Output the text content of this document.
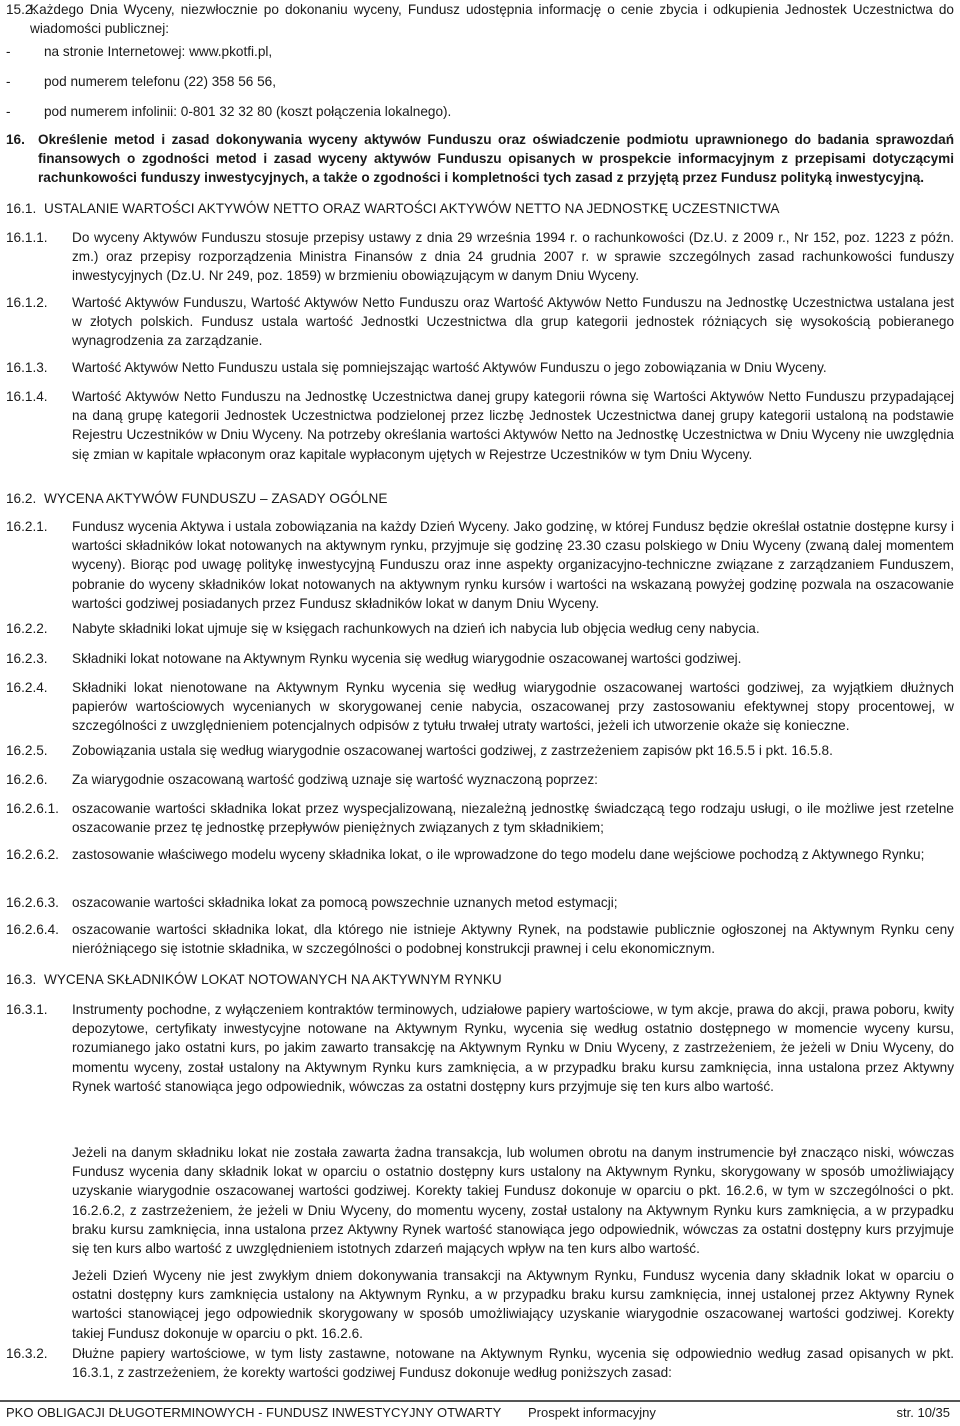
15.2.
Każdego Dnia Wyceny, niezwłocznie po dokonaniu wyceny, Fundusz udostępnia informację o cenie zbycia i odkupienia Jednostek Uczestnictwa do wiadomości publicznej:
- na stronie Internetowej: www.pkotfi.pl,
- pod numerem telefonu (22) 358 56 56,
- pod numerem infolinii: 0-801 32 32 80 (koszt połączenia lokalnego).
16. Określenie metod i zasad dokonywania wyceny aktywów Funduszu oraz oświadczenie podmiotu uprawnionego do badania sprawozdań finansowych o zgodności metod i zasad wyceny aktywów Funduszu opisanych w prospekcie informacyjnym z przepisami dotyczącymi rachunkowości funduszy inwestycyjnych, a także o zgodności i kompletności tych zasad z przyjętą przez Fundusz polityką inwestycyjną.
16.1. USTALANIE WARTOŚCI AKTYWÓW NETTO ORAZ WARTOŚCI AKTYWÓW NETTO NA JEDNOSTKĘ UCZESTNICTWA
16.1.1. Do wyceny Aktywów Funduszu stosuje przepisy ustawy z dnia 29 września 1994 r. o rachunkowości (Dz.U. z 2009 r., Nr 152, poz. 1223 z późn. zm.) oraz przepisy rozporządzenia Ministra Finansów z dnia 24 grudnia 2007 r. w sprawie szczególnych zasad rachunkowości funduszy inwestycyjnych (Dz.U. Nr 249, poz. 1859) w brzmieniu obowiązującym w danym Dniu Wyceny.
16.1.2. Wartość Aktywów Funduszu, Wartość Aktywów Netto Funduszu oraz Wartość Aktywów Netto Funduszu na Jednostkę Uczestnictwa ustalana jest w złotych polskich. Fundusz ustala wartość Jednostki Uczestnictwa dla grup kategorii jednostek różniących się wysokością pobieranego wynagrodzenia za zarządzanie.
16.1.3. Wartość Aktywów Netto Funduszu ustala się pomniejszając wartość Aktywów Funduszu o jego zobowiązania w Dniu Wyceny.
16.1.4. Wartość Aktywów Netto Funduszu na Jednostkę Uczestnictwa danej grupy kategorii równa się Wartości Aktywów Netto Funduszu przypadającej na daną grupę kategorii Jednostek Uczestnictwa podzielonej przez liczbę Jednostek Uczestnictwa danej grupy kategorii ustaloną na podstawie Rejestru Uczestników w Dniu Wyceny. Na potrzeby określania wartości Aktywów Netto na Jednostkę Uczestnictwa w Dniu Wyceny nie uwzględnia się zmian w kapitale wpłaconym oraz kapitale wypłaconym ujętych w Rejestrze Uczestników w tym Dniu Wyceny.
16.2. WYCENA AKTYWÓW FUNDUSZU – ZASADY OGÓLNE
16.2.1. Fundusz wycenia Aktywa i ustala zobowiązania na każdy Dzień Wyceny. Jako godzinę, w której Fundusz będzie określał ostatnie dostępne kursy i wartości składników lokat notowanych na aktywnym rynku, przyjmuje się godzinę 23.30 czasu polskiego w Dniu Wyceny (zwaną dalej momentem wyceny). Biorąc pod uwagę politykę inwestycyjną Funduszu oraz inne aspekty organizacyjno-techniczne związane z zarządzaniem Funduszem, pobranie do wyceny składników lokat notowanych na aktywnym rynku kursów i wartości na wskazaną powyżej godzinę pozwala na oszacowanie wartości godziwej posiadanych przez Fundusz składników lokat w danym Dniu Wyceny.
16.2.2. Nabyte składniki lokat ujmuje się w księgach rachunkowych na dzień ich nabycia lub objęcia według ceny nabycia.
16.2.3. Składniki lokat notowane na Aktywnym Rynku wycenia się według wiarygodnie oszacowanej wartości godziwej.
16.2.4. Składniki lokat nienotowane na Aktywnym Rynku wycenia się według wiarygodnie oszacowanej wartości godziwej, za wyjątkiem dłużnych papierów wartościowych wycenianych w skorygowanej cenie nabycia, oszacowanej przy zastosowaniu efektywnej stopy procentowej, w szczególności z uwzględnieniem potencjalnych odpisów z tytułu trwałej utraty wartości, jeżeli ich utworzenie okaże się konieczne.
16.2.5. Zobowiązania ustala się według wiarygodnie oszacowanej wartości godziwej, z zastrzeżeniem zapisów pkt 16.5.5 i pkt. 16.5.8.
16.2.6. Za wiarygodnie oszacowaną wartość godziwą uznaje się wartość wyznaczoną poprzez:
16.2.6.1. oszacowanie wartości składnika lokat przez wyspecjalizowaną, niezależną jednostkę świadczącą tego rodzaju usługi, o ile możliwe jest rzetelne oszacowanie przez tę jednostkę przepływów pieniężnych związanych z tym składnikiem;
16.2.6.2. zastosowanie właściwego modelu wyceny składnika lokat, o ile wprowadzone do tego modelu dane wejściowe pochodzą z Aktywnego Rynku;
16.2.6.3. oszacowanie wartości składnika lokat za pomocą powszechnie uznanych metod estymacji;
16.2.6.4. oszacowanie wartości składnika lokat, dla którego nie istnieje Aktywny Rynek, na podstawie publicznie ogłoszonej na Aktywnym Rynku ceny nieróżniącego się istotnie składnika, w szczególności o podobnej konstrukcji prawnej i celu ekonomicznym.
16.3. WYCENA SKŁADNIKÓW LOKAT NOTOWANYCH NA AKTYWNYM RYNKU
16.3.1. Instrumenty pochodne, z wyłączeniem kontraktów terminowych, udziałowe papiery wartościowe, w tym akcje, prawa do akcji, prawa poboru, kwity depozytowe, certyfikaty inwestycyjne notowane na Aktywnym Rynku, wycenia się według ostatnio dostępnego w momencie wyceny kursu, rozumianego jako ostatni kurs, po jakim zawarto transakcję na Aktywnym Rynku w Dniu Wyceny, z zastrzeżeniem, że jeżeli w Dniu Wyceny, do momentu wyceny, został ustalony na Aktywnym Rynku kurs zamknięcia, a w przypadku braku kursu zamknięcia, inna ustalona przez Aktywny Rynek wartość stanowiąca jego odpowiednik, wówczas za ostatni dostępny kurs przyjmuje się ten kurs albo wartość.
Jeżeli na danym składniku lokat nie została zawarta żadna transakcja, lub wolumen obrotu na danym instrumencie był znacząco niski, wówczas Fundusz wycenia dany składnik lokat w oparciu o ostatnio dostępny kurs ustalony na Aktywnym Rynku, skorygowany w sposób umożliwiający uzyskanie wiarygodnie oszacowanej wartości godziwej. Korekty takiej Fundusz dokonuje w oparciu o pkt. 16.2.6, w tym w szczególności o pkt. 16.2.6.2, z zastrzeżeniem, że jeżeli w Dniu Wyceny, do momentu wyceny, został ustalony na Aktywnym Rynku kurs zamknięcia, a w przypadku braku kursu zamknięcia, inna ustalona przez Aktywny Rynek wartość stanowiąca jego odpowiednik, wówczas za ostatni dostępny kurs przyjmuje się ten kurs albo wartość z uwzględnieniem istotnych zdarzeń mających wpływ na ten kurs albo wartość.
Jeżeli Dzień Wyceny nie jest zwykłym dniem dokonywania transakcji na Aktywnym Rynku, Fundusz wycenia dany składnik lokat w oparciu o ostatni dostępny kurs zamknięcia ustalony na Aktywnym Rynku, a w przypadku braku kursu zamknięcia, innej ustalonej przez Aktywny Rynek wartości stanowiącej jego odpowiednik skorygowany w sposób umożliwiający uzyskanie wiarygodnie oszacowanej wartości godziwej. Korekty takiej Fundusz dokonuje w oparciu o pkt. 16.2.6.
16.3.2. Dłużne papiery wartościowe, w tym listy zastawne, notowane na Aktywnym Rynku, wycenia się odpowiednio według zasad opisanych w pkt. 16.3.1, z zastrzeżeniem, że korekty wartości godziwej Fundusz dokonuje według poniższych zasad:
PKO OBLIGACJI DŁUGOTERMINOWYCH - FUNDUSZ INWESTYCYJNY OTWARTY Prospekt informacyjny	str. 10/35
